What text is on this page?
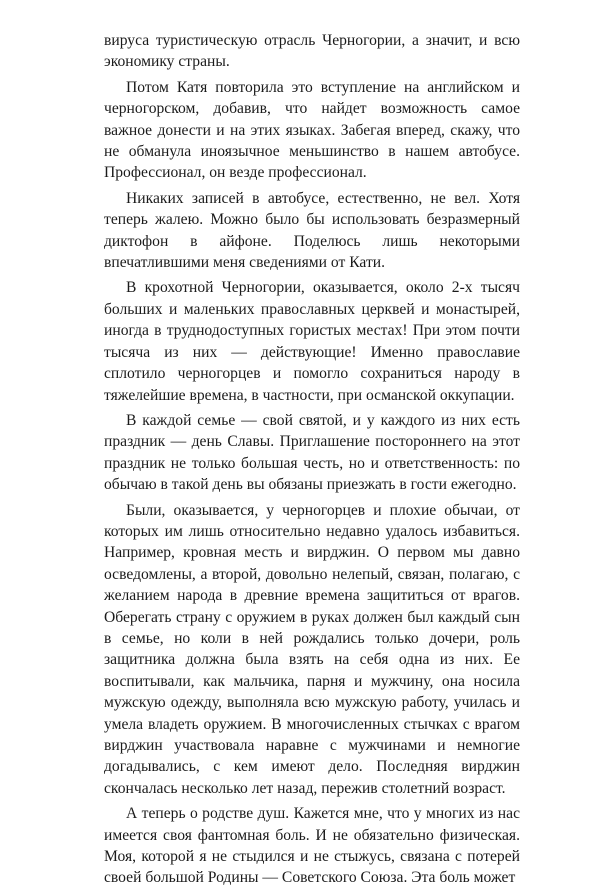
вируса туристическую отрасль Черногории, а значит, и всю экономику страны.

Потом Катя повторила это вступление на английском и черногорском, добавив, что найдет возможность самое важное донести и на этих языках. Забегая вперед, скажу, что не обманула иноязычное меньшинство в нашем автобусе. Профессионал, он везде профессионал.

Никаких записей в автобусе, естественно, не вел. Хотя теперь жалею. Можно было бы использовать безразмерный диктофон в айфоне. Поделюсь лишь некоторыми впечатлившими меня сведениями от Кати.

В крохотной Черногории, оказывается, около 2-х тысяч больших и маленьких православных церквей и монастырей, иногда в труднодоступных гористых местах! При этом почти тысяча из них — действующие! Именно православие сплотило черногорцев и помогло сохраниться народу в тяжелейшие времена, в частности, при османской оккупации.

В каждой семье — свой святой, и у каждого из них есть праздник — день Славы. Приглашение постороннего на этот праздник не только большая честь, но и ответственность: по обычаю в такой день вы обязаны приезжать в гости ежегодно.

Были, оказывается, у черногорцев и плохие обычаи, от которых им лишь относительно недавно удалось избавиться. Например, кровная месть и вирджин. О первом мы давно осведомлены, а второй, довольно нелепый, связан, полагаю, с желанием народа в древние времена защититься от врагов. Оберегать страну с оружием в руках должен был каждый сын в семье, но коли в ней рождались только дочери, роль защитника должна была взять на себя одна из них. Ее воспитывали, как мальчика, парня и мужчину, она носила мужскую одежду, выполняла всю мужскую работу, училась и умела владеть оружием. В многочисленных стычках с врагом вирджин участвовала наравне с мужчинами и немногие догадывались, с кем имеют дело. Последняя вирджин скончалась несколько лет назад, пережив столетний возраст.

А теперь о родстве душ. Кажется мне, что у многих из нас имеется своя фантомная боль. И не обязательно физическая. Моя, которой я не стыдился и не стыжусь, связана с потерей своей большой Родины — Советского Союза. Эта боль может
